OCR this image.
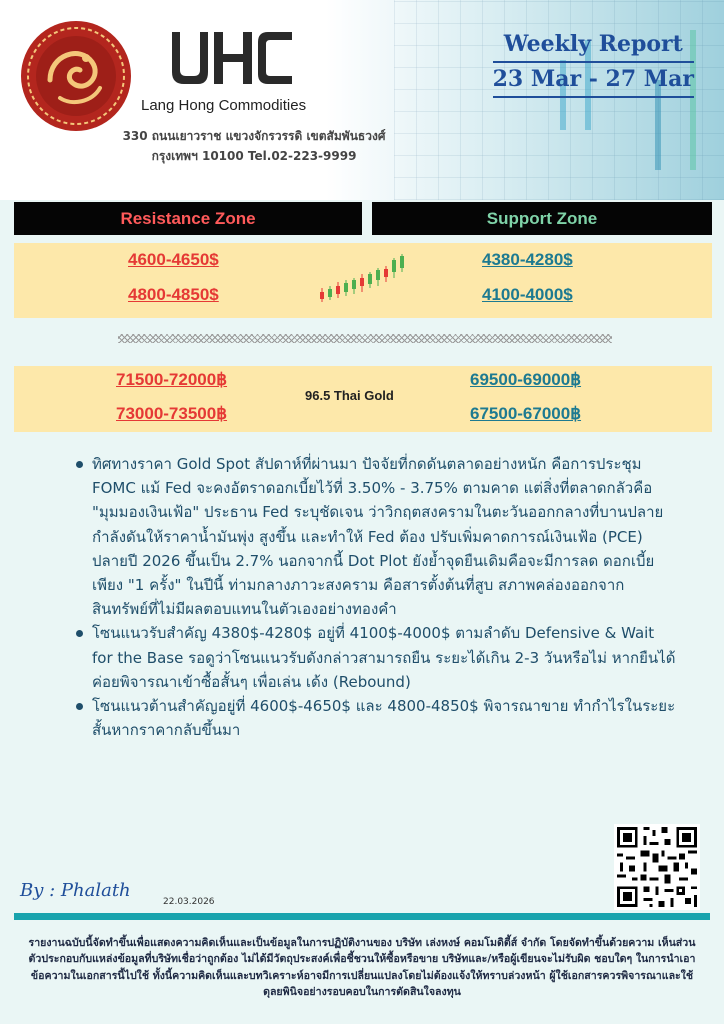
Lang Hong Commodities
330 ถนนเยาวราช แขวงจักรวรรดิ เขตสัมพันธวงศ์
กรุงเทพฯ 10100 Tel.02-223-9999
Weekly Report
23 Mar - 27 Mar
Resistance Zone	Support Zone
4600-4650$
4800-4850$
4380-4280$
4100-4000$
71500-72000฿
73000-73500฿
96.5 Thai Gold
69500-69000฿
67500-67000฿
ทิศทางราคา Gold Spot สัปดาห์ที่ผ่านมา ปัจจัยที่กดดันตลาดอย่างหนัก คือการประชุม FOMC แม้ Fed จะคงอัตราดอกเบี้ยไว้ที่ 3.50% - 3.75% ตามคาด แต่สิ่งที่ตลาดกลัวคือ "มุมมองเงินเฟ้อ" ประธาน Fed ระบุชัดเจน ว่าวิกฤตสงครามในตะวันออกกลางที่บานปลายกำลังดันให้ราคาน้ำมันพุ่ง สูงขึ้น และทำให้ Fed ต้อง ปรับเพิ่มคาดการณ์เงินเฟ้อ (PCE) ปลายปี 2026 ขึ้นเป็น 2.7% นอกจากนี้ Dot Plot ยังย้ำจุดยืนเดิมคือจะมีการลด ดอกเบี้ยเพียง "1 ครั้ง" ในปีนี้ ท่ามกลางภาวะสงคราม คือสารตั้งต้นที่สูบ สภาพคล่องออกจากสินทรัพย์ที่ไม่มีผลตอบแทนในตัวเองอย่างทองคำ
โซนแนวรับสำคัญ 4380$-4280$ อยู่ที่ 4100$-4000$ ตามลำดับ Defensive & Wait for the Base รอดูว่าโซนแนวรับดังกล่าวสามารถยืน ระยะได้เกิน 2-3 วันหรือไม่ หากยืนได้ค่อยพิจารณาเข้าซื้อสั้นๆ เพื่อเล่น เด้ง (Rebound)
โซนแนวต้านสำคัญอยู่ที่ 4600$-4650$ และ 4800-4850$ พิจารณาขาย ทำกำไรในระยะสั้นหากราคากลับขึ้นมา
By : Phalath
22.03.2026
รายงานฉบับนี้จัดทำขึ้นเพื่อแสดงความคิดเห็นและเป็นข้อมูลในการปฏิบัติงานของ บริษัท เล่งหงษ์ คอมโมดิตี้ส์ จำกัด โดยจัดทำขึ้นด้วยความ เห็นส่วนตัวประกอบกับแหล่งข้อมูลที่บริษัทเชื่อว่าถูกต้อง ไม่ได้มีวัตถุประสงค์เพื่อชี้ชวนให้ซื้อหรือขาย บริษัทและ/หรือผู้เขียนจะไม่รับผิด ชอบใดๆ ในการนำเอาข้อความในเอกสารนี้ไปใช้ ทั้งนี้ความคิดเห็นและบทวิเคราะห์อาจมีการเปลี่ยนแปลงโดยไม่ต้องแจ้งให้ทราบล่วงหน้า ผู้ใช้เอกสารควรพิจารณาและใช้ดุลยพินิจอย่างรอบคอบในการตัดสินใจลงทุน
